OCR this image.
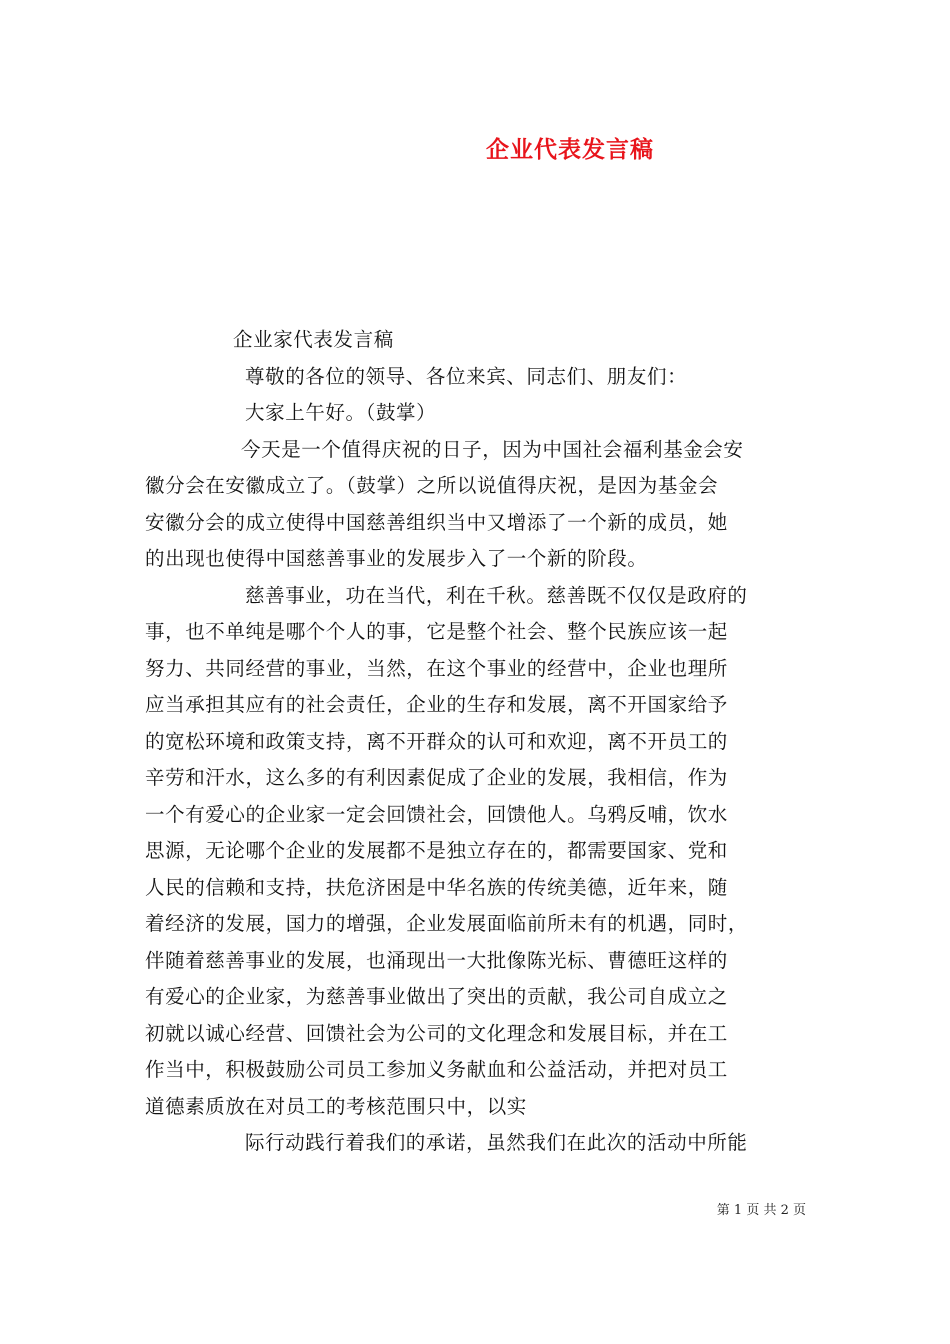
企业代表发言稿
企业家代表发言稿
尊敬的各位的领导、各位来宾、同志们、朋友们：
大家上午好。（鼓掌）
今天是一个值得庆祝的日子，因为中国社会福利基金会安
徽分会在安徽成立了。（鼓掌）之所以说值得庆祝，是因为基金会
安徽分会的成立使得中国慈善组织当中又增添了一个新的成员，她
的出现也使得中国慈善事业的发展步入了一个新的阶段。
慈善事业，功在当代，利在千秋。慈善既不仅仅是政府的
事，也不单纯是哪个个人的事，它是整个社会、整个民族应该一起
努力、共同经营的事业，当然，在这个事业的经营中，企业也理所
应当承担其应有的社会责任，企业的生存和发展，离不开国家给予
的宽松环境和政策支持，离不开群众的认可和欢迎，离不开员工的
辛劳和汗水，这么多的有利因素促成了企业的发展，我相信，作为
一个有爱心的企业家一定会回馈社会，回馈他人。乌鸦反哺，饮水
思源，无论哪个企业的发展都不是独立存在的，都需要国家、党和
人民的信赖和支持，扶危济困是中华名族的传统美德，近年来，随
着经济的发展，国力的增强，企业发展面临前所未有的机遇，同时，
伴随着慈善事业的发展，也涌现出一大批像陈光标、曹德旺这样的
有爱心的企业家，为慈善事业做出了突出的贡献，我公司自成立之
初就以诚心经营、回馈社会为公司的文化理念和发展目标，并在工
作当中，积极鼓励公司员工参加义务献血和公益活动，并把对员工
道德素质放在对员工的考核范围只中，以实
际行动践行着我们的承诺，虽然我们在此次的活动中所能
第 1 页 共 2 页
